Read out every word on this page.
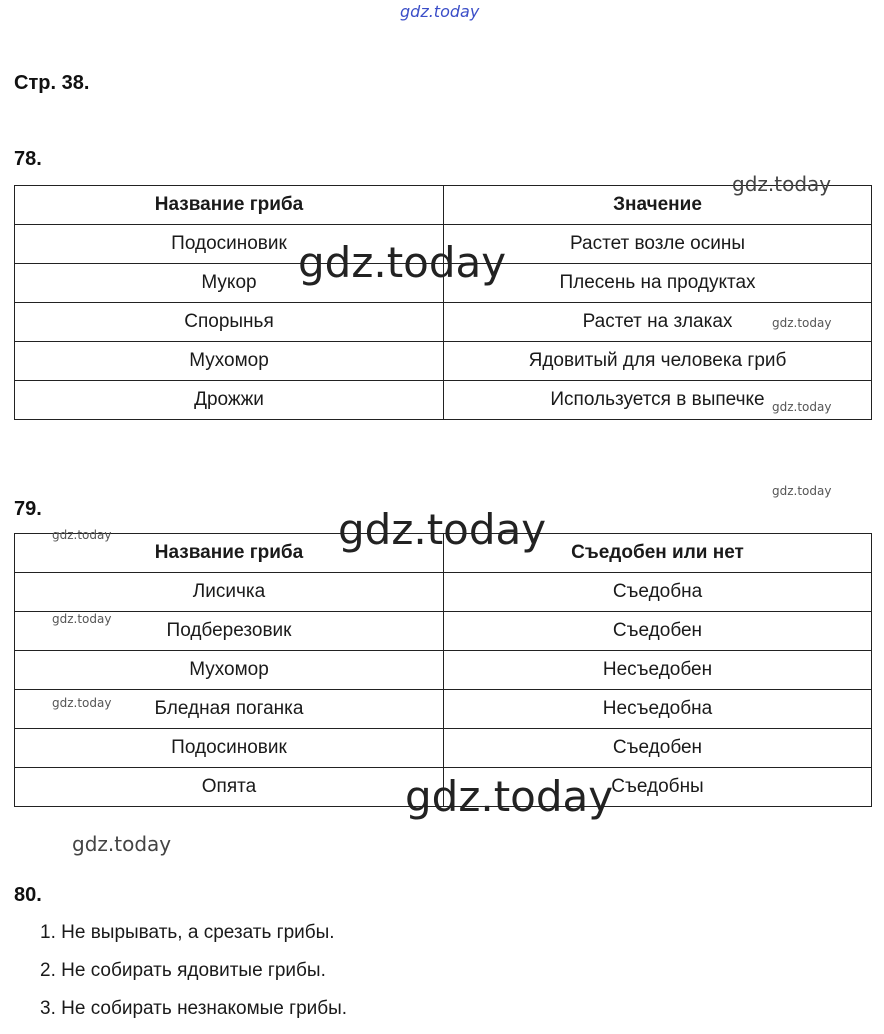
Стр. 38.
78.
79.
80.
Название гриба	Значение
Подосиновик	Растет возле осины
Мукор	Плесень на продуктах
Спорынья	Растет на злаках
Мухомор	Ядовитый для человека гриб
Дрожжи	Используется в выпечке
Название гриба	Съедобен или нет
Лисичка	Съедобна
Подберезовик	Съедобен
Мухомор	Несъедобен
Бледная поганка	Несъедобна
Подосиновик	Съедобен
Опята	Съедобны
1. Не вырывать, а срезать грибы.
2. Не собирать ядовитые грибы.
3. Не собирать незнакомые грибы.
gdz.today
gdz.today
gdz.today
gdz.today
gdz.today
gdz.today
gdz.today
gdz.today
gdz.today
gdz.today
gdz.today
gdz.today
